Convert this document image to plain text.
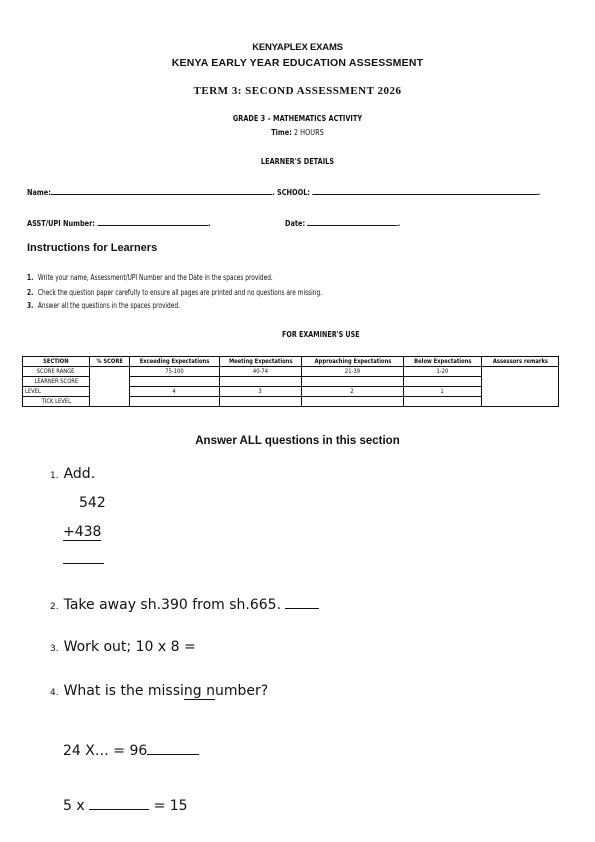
KENYAPLEX EXAMS
KENYA EARLY YEAR EDUCATION ASSESSMENT
TERM 3: SECOND ASSESSMENT 2026
GRADE 3 – MATHEMATICS ACTIVITY
Time: 2 HOURS
LEARNER'S DETAILS
Name:	. SCHOOL:	.
ASST/UPI Number:	.	Date:	.
Instructions for Learners
1. Write your name, Assessment/UPI Number and the Date in the spaces provided.
2. Check the question paper carefully to ensure all pages are printed and no questions are missing.
3. Answer all the questions in the spaces provided.
FOR EXAMINER'S USE
SECTION	% SCORE	Exceeding Expectations	Meeting Expectations	Approaching Expectations	Below Expectations	Assessors remarks
SCORE RANGE		75-100	40-74	21-39	1-20	
LEARNER SCORE						
LEVEL		4	3	2	1	
TICK LEVEL						
Answer ALL questions in this section
1. Add.
542
+438
2. Take away sh.390 from sh.665.
3. Work out; 10 x 8 =
4. What is the missing number?
24 X… = 96
5 x	= 15
